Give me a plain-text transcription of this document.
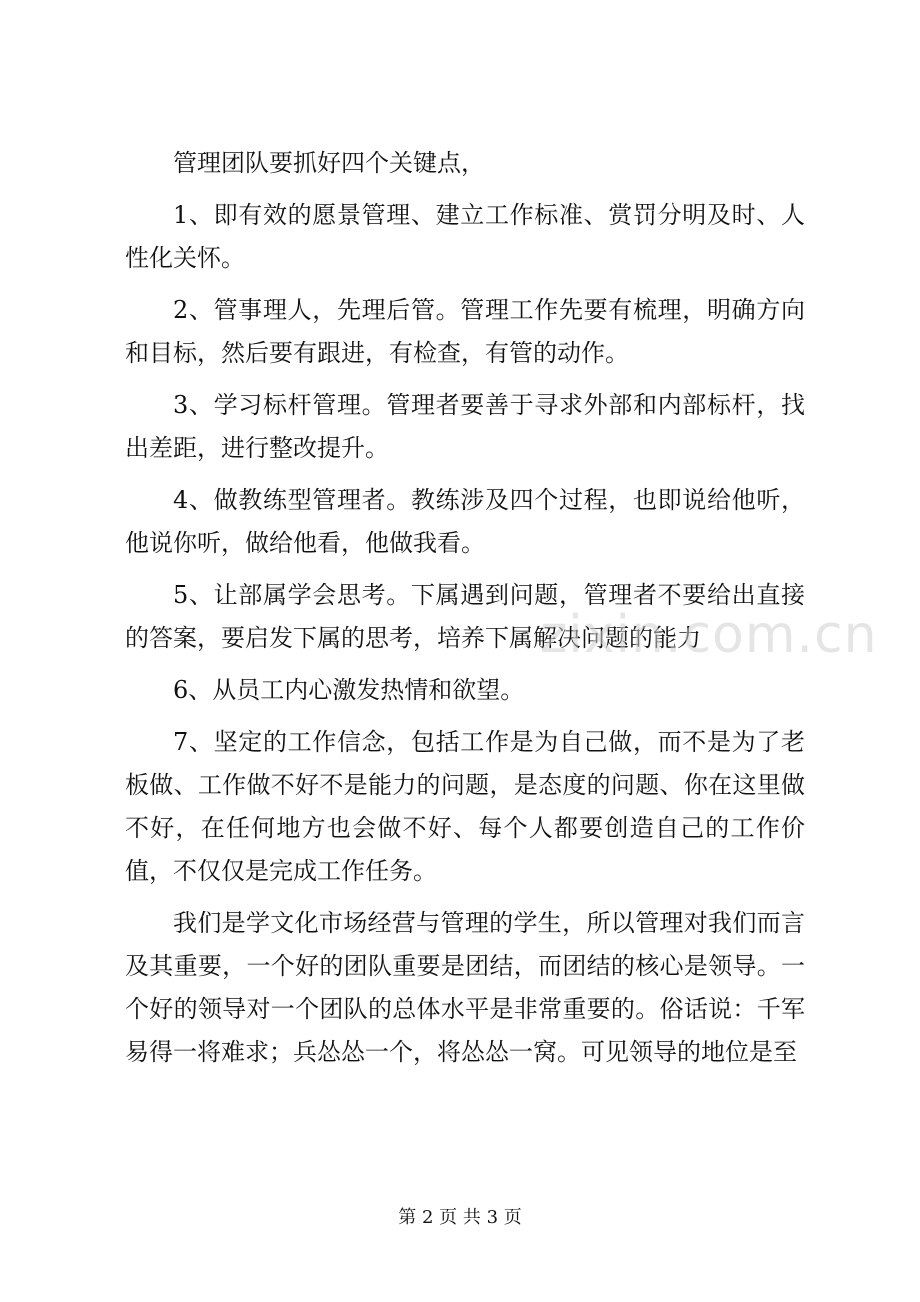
管理团队要抓好四个关键点，

1、即有效的愿景管理、建立工作标准、赏罚分明及时、人性化关怀。

2、管事理人，先理后管。管理工作先要有梳理，明确方向和目标，然后要有跟进，有检查，有管的动作。

3、学习标杆管理。管理者要善于寻求外部和内部标杆，找出差距，进行整改提升。

4、做教练型管理者。教练涉及四个过程，也即说给他听，他说你听，做给他看，他做我看。

5、让部属学会思考。下属遇到问题，管理者不要给出直接的答案，要启发下属的思考，培养下属解决问题的能力

6、从员工内心激发热情和欲望。

7、坚定的工作信念，包括工作是为自己做，而不是为了老板做、工作做不好不是能力的问题，是态度的问题、你在这里做不好，在任何地方也会做不好、每个人都要创造自己的工作价值，不仅仅是完成工作任务。

我们是学文化市场经营与管理的学生，所以管理对我们而言及其重要，一个好的团队重要是团结，而团结的核心是领导。一个好的领导对一个团队的总体水平是非常重要的。俗话说：千军易得一将难求；兵怂怂一个，将怂怂一窝。可见领导的地位是至

zixin.com.cn
第 2 页 共 3 页
